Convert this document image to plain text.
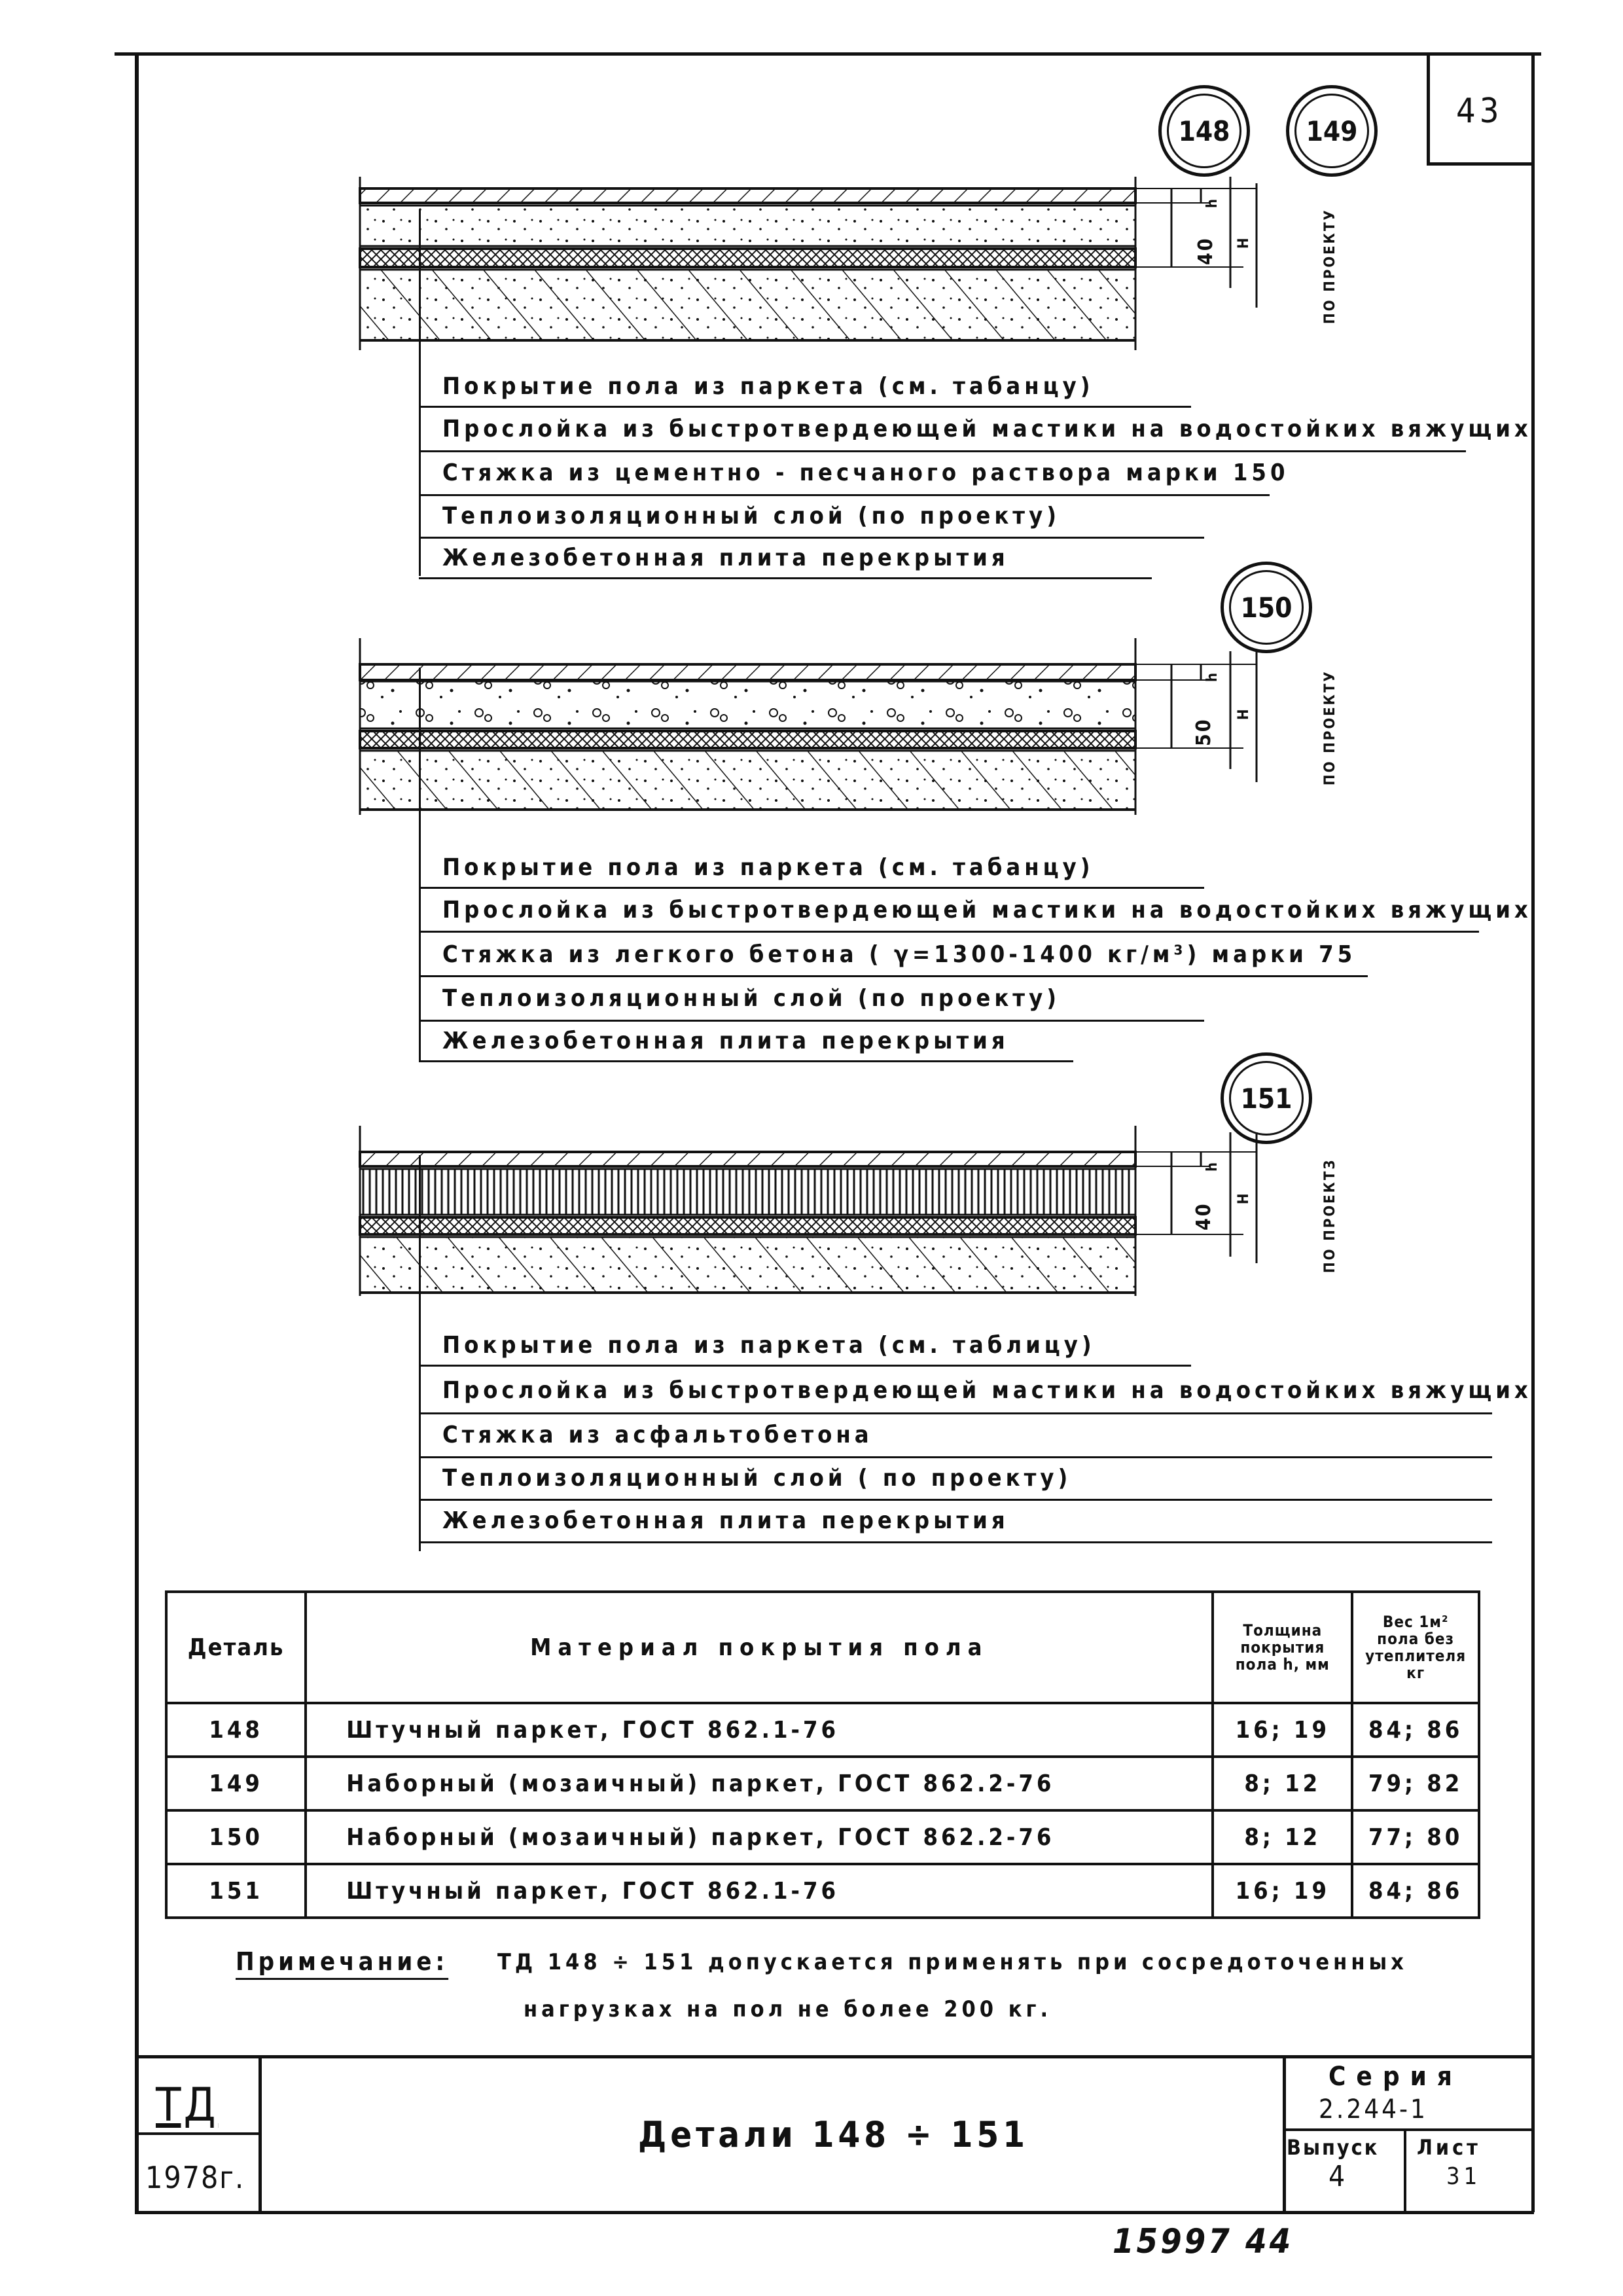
43
148	149
h
40 H	ПО ПРОЕКТУ
Покрытие пола из паркета (см. табанцу)
Прослойка из быстротвердеющей мастики на водостойких вяжущих
Стяжка из цементно - песчаного раствора марки 150
Теплоизоляционный слой (по проекту)
Железобетонная плита перекрытия
150
h
50
H	ПО ПРОЕКТУ
Покрытие пола из паркета (см. табанцу)
Прослойка из быстротвердеющей мастики на водостойких вяжущих
Стяжка из легкого бетона ( γ=1300-1400 кг/м³) марки 75
Теплоизоляционный слой (по проекту)
Железобетонная плита перекрытия
151
h
40
H	ПО ПРОЕКТЗ
Покрытие пола из паркета (см. таблицу)
Прослойка из быстротвердеющей мастики на водостойких вяжущих
Стяжка из асфальтобетона
Теплоизоляционный слой ( по проекту)
Железобетонная плита перекрытия
Деталь	Материал покрытия пола	Толщина покрытия пола h, мм	Вес 1м² пола без утеплителя кг
148	Штучный паркет, ГОСТ 862.1-76	16; 19	84; 86
149	Наборный (мозаичный) паркет, ГОСТ 862.2-76	8; 12	79; 82
150	Наборный (мозаичный) паркет, ГОСТ 862.2-76	8; 12	77; 80
151	Штучный паркет, ГОСТ 862.1-76	16; 19	84; 86
Примечание: ТД 148 ÷ 151 допускается применять при сосредоточенных
нагрузках на пол не более 200 кг.
ТД
1978г.
Детали 148 ÷ 151
Серия
2.244-1
Выпуск
4
Лист
31
15997 44
